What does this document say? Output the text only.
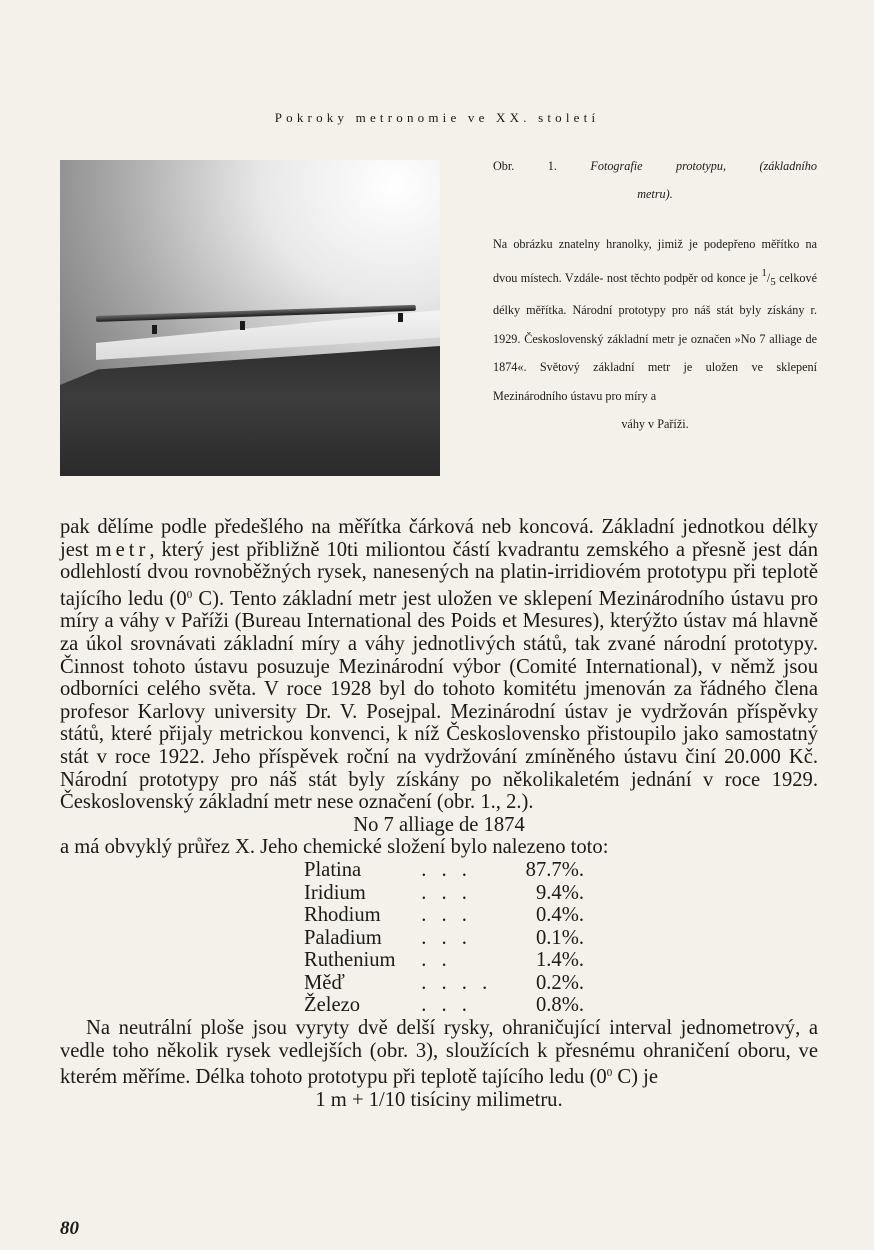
Pokroky metronomie ve XX. století
Obr. 1.	Fotografie prototypu, (základního
metru).
Na obrázku znatelny hranolky, jimiž je podepřeno měřítko na dvou místech. Vzdále- nost těchto podpěr od konce je 1/5 celkové délky měřítka. Národní prototypy pro náš stát byly získány r. 1929. Československý základní metr je označen »No 7 alliage de 1874«. Světový základní metr je uložen ve sklepení Mezinárodního ústavu pro míry a
váhy v Paříži.

pak dělíme podle předešlého na měřítka čárková neb koncová. Základní jednotkou délky jest metr, který jest přibližně 10ti miliontou částí kvadrantu zemského a přesně jest dán odlehlostí dvou rovnoběžných rysek, nanesených na platin-irridiovém prototypu při teplotě tajícího ledu ($0^0$ C). Tento základní metr jest uložen ve sklepení Mezinárodního ústavu pro míry a váhy v Paříži (Bureau International des Poids et Mesures), kterýžto ústav má hlavně za úkol srovnávati základní míry a váhy jednotlivých států, tak zvané národní prototypy. Činnost tohoto ústavu posuzuje Mezinárodní výbor (Comité International), v němž jsou odborníci celého světa. V roce 1928 byl do tohoto komitétu jmenován za řádného člena profesor Karlovy university Dr. V. Posejpal. Mezinárodní ústav je vydržován příspěvky států, které přijaly metrickou konvenci, k níž Československo přistoupilo jako samostatný stát v roce 1922. Jeho příspěvek roční na vydržování zmíněného ústavu činí 20.000 Kč. Národní prototypy pro náš stát byly získány po několikaletém jednání v roce 1929. Československý základní metr nese označení (obr. 1., 2.).

No 7 alliage de 1874

a má obvyklý průřez X. Jeho chemické složení bylo nalezeno toto:

Platina	. . .	87.7%.
Iridium	. . .	9.4%.
Rhodium	. . .	0.4%.
Paladium	. . .	0.1%.
Ruthenium	. .	1.4%.
Měď	. . . .	0.2%.
Železo	. . .	0.8%.

Na neutrální ploše jsou vyryty dvě delší rysky, ohraničující interval jednometrový, a vedle toho několik rysek vedlejších (obr. 3), sloužících k přesnému ohraničení oboru, ve kterém měříme. Délka tohoto prototypu při teplotě tajícího ledu ($0^0$ C) je

1 m + 1/10 tisíciny milimetru.

80
